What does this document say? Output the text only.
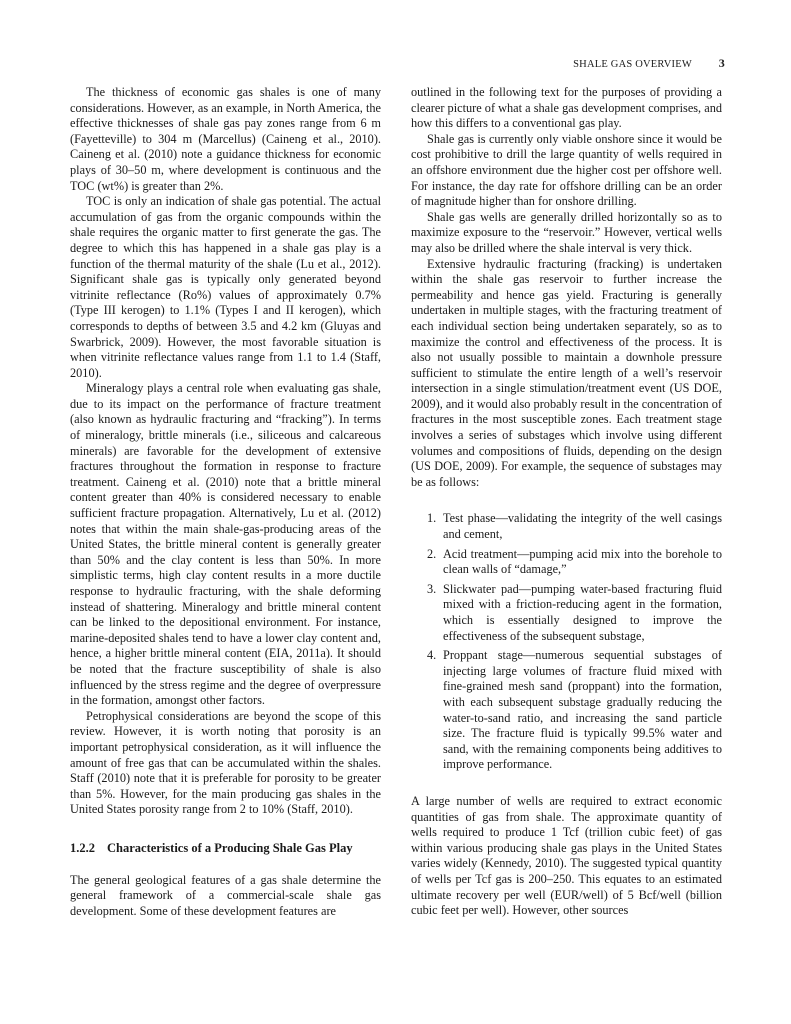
SHALE GAS OVERVIEW 3

The thickness of economic gas shales is one of many considerations. However, as an example, in North America, the effective thicknesses of shale gas pay zones range from 6 m (Fayetteville) to 304 m (Marcellus) (Caineng et al., 2010). Caineng et al. (2010) note a guidance thickness for economic plays of 30–50 m, where development is continuous and the TOC (wt%) is greater than 2%.

TOC is only an indication of shale gas potential. The actual accumulation of gas from the organic compounds within the shale requires the organic matter to first generate the gas. The degree to which this has happened in a shale gas play is a function of the thermal maturity of the shale (Lu et al., 2012). Significant shale gas is typically only generated beyond vitrinite reflectance (Ro%) values of approximately 0.7% (Type III kerogen) to 1.1% (Types I and II kerogen), which corresponds to depths of between 3.5 and 4.2 km (Gluyas and Swarbrick, 2009). However, the most favorable situation is when vitrinite reflectance values range from 1.1 to 1.4 (Staff, 2010).

Mineralogy plays a central role when evaluating gas shale, due to its impact on the performance of fracture treatment (also known as hydraulic fracturing and “fracking”). In terms of mineralogy, brittle minerals (i.e., siliceous and calcareous minerals) are favorable for the development of extensive fractures throughout the formation in response to fracture treatment. Caineng et al. (2010) note that a brittle mineral content greater than 40% is considered necessary to enable sufficient fracture propagation. Alternatively, Lu et al. (2012) notes that within the main shale-gas-producing areas of the United States, the brittle mineral content is generally greater than 50% and the clay content is less than 50%. In more simplistic terms, high clay content results in a more ductile response to hydraulic fracturing, with the shale deforming instead of shattering. Mineralogy and brittle mineral content can be linked to the depositional environment. For instance, marine-deposited shales tend to have a lower clay content and, hence, a higher brittle mineral content (EIA, 2011a). It should be noted that the fracture susceptibility of shale is also influenced by the stress regime and the degree of overpressure in the formation, amongst other factors.

Petrophysical considerations are beyond the scope of this review. However, it is worth noting that porosity is an important petrophysical consideration, as it will influence the amount of free gas that can be accumulated within the shales. Staff (2010) note that it is preferable for porosity to be greater than 5%. However, for the main producing gas shales in the United States porosity range from 2 to 10% (Staff, 2010).

1.2.2 Characteristics of a Producing Shale Gas Play

The general geological features of a gas shale determine the general framework of a commercial-scale shale gas development. Some of these development features are

outlined in the following text for the purposes of providing a clearer picture of what a shale gas development comprises, and how this differs to a conventional gas play.

Shale gas is currently only viable onshore since it would be cost prohibitive to drill the large quantity of wells required in an offshore environment due the higher cost per offshore well. For instance, the day rate for offshore drilling can be an order of magnitude higher than for onshore drilling.

Shale gas wells are generally drilled horizontally so as to maximize exposure to the “reservoir.” However, vertical wells may also be drilled where the shale interval is very thick.

Extensive hydraulic fracturing (fracking) is undertaken within the shale gas reservoir to further increase the permeability and hence gas yield. Fracturing is generally undertaken in multiple stages, with the fracturing treatment of each individual section being undertaken separately, so as to maximize the control and effectiveness of the process. It is also not usually possible to maintain a downhole pressure sufficient to stimulate the entire length of a well’s reservoir intersection in a single stimulation/treatment event (US DOE, 2009), and it would also probably result in the concentration of fractures in the most susceptible zones. Each treatment stage involves a series of substages which involve using different volumes and compositions of fluids, depending on the design (US DOE, 2009). For example, the sequence of substages may be as follows:

1. Test phase—validating the integrity of the well casings and cement,
2. Acid treatment—pumping acid mix into the borehole to clean walls of “damage,”
3. Slickwater pad—pumping water-based fracturing fluid mixed with a friction-reducing agent in the formation, which is essentially designed to improve the effectiveness of the subsequent substage,
4. Proppant stage—numerous sequential substages of injecting large volumes of fracture fluid mixed with fine-grained mesh sand (proppant) into the formation, with each subsequent substage gradually reducing the water-to-sand ratio, and increasing the sand particle size. The fracture fluid is typically 99.5% water and sand, with the remaining components being additives to improve performance.

A large number of wells are required to extract economic quantities of gas from shale. The approximate quantity of wells required to produce 1 Tcf (trillion cubic feet) of gas within various producing shale gas plays in the United States varies widely (Kennedy, 2010). The suggested typical quantity of wells per Tcf gas is 200–250. This equates to an estimated ultimate recovery per well (EUR/well) of 5 Bcf/well (billion cubic feet per well). However, other sources
